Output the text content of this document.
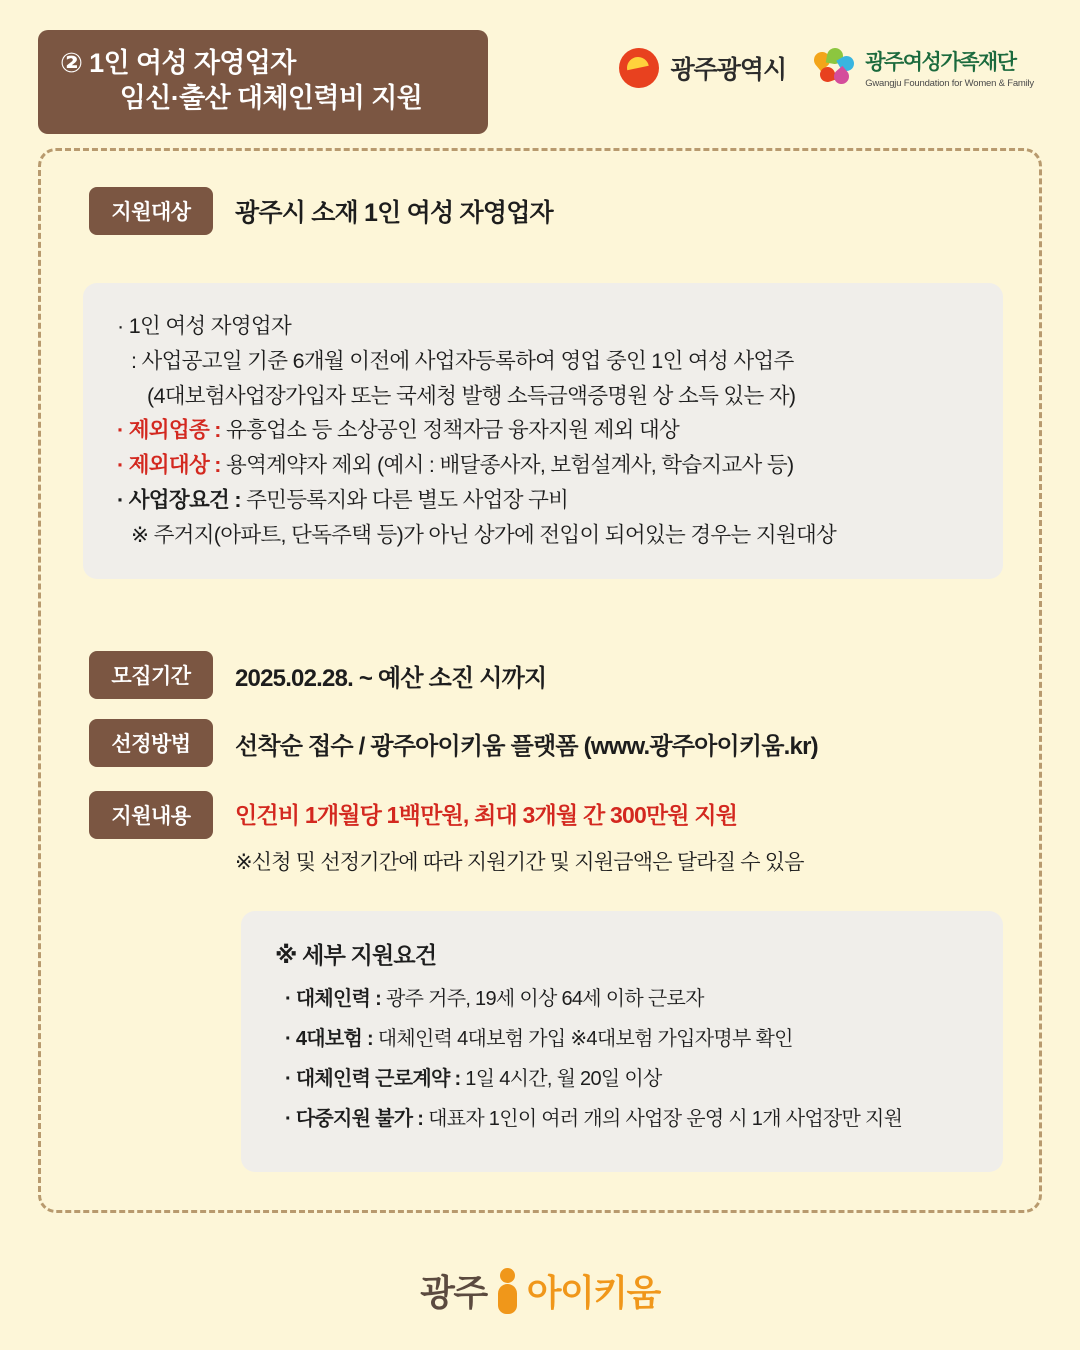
② 1인 여성 자영업자
임신·출산 대체인력비 지원
광주광역시	광주여성가족재단
Gwangju Foundation for Women & Family
지원대상	광주시 소재 1인 여성 자영업자
· 1인 여성 자영업자
: 사업공고일 기준 6개월 이전에 사업자등록하여 영업 중인 1인 여성 사업주
(4대보험사업장가입자 또는 국세청 발행 소득금액증명원 상 소득 있는 자)
· 제외업종 : 유흥업소 등 소상공인 정책자금 융자지원 제외 대상
· 제외대상 : 용역계약자 제외 (예시 : 배달종사자, 보험설계사, 학습지교사 등)
· 사업장요건 : 주민등록지와 다른 별도 사업장 구비
※ 주거지(아파트, 단독주택 등)가 아닌 상가에 전입이 되어있는 경우는 지원대상
모집기간	2025.02.28. ~ 예산 소진 시까지
선정방법	선착순 접수 / 광주아이키움 플랫폼 (www.광주아이키움.kr)
지원내용	인건비 1개월당 1백만원, 최대 3개월 간 300만원 지원
※신청 및 선정기간에 따라 지원기간 및 지원금액은 달라질 수 있음
※ 세부 지원요건
· 대체인력 : 광주 거주, 19세 이상 64세 이하 근로자
· 4대보험 : 대체인력 4대보험 가입 ※4대보험 가입자명부 확인
· 대체인력 근로계약 : 1일 4시간, 월 20일 이상
· 다중지원 불가 : 대표자 1인이 여러 개의 사업장 운영 시 1개 사업장만 지원
광주 아이키움
